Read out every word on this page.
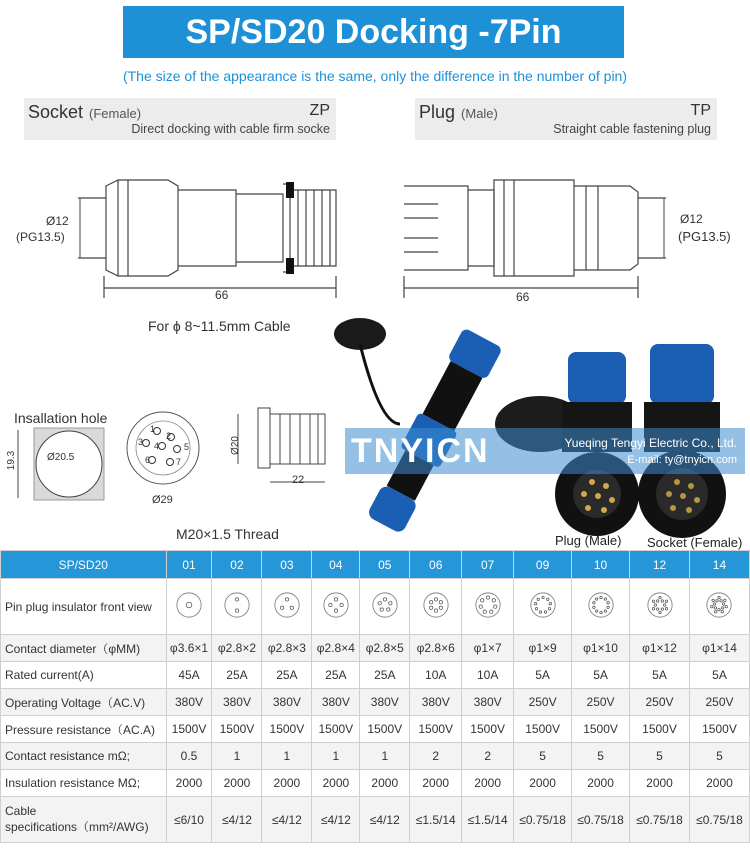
SP/SD20 Docking -7Pin
(The size of the appearance is the same, only the difference in the number of pin)
Socket (Female)	ZP
Direct docking with cable firm socke
Plug (Male)	TP
Straight cable fastening plug
Ø12
(PG13.5)
66
For ϕ 8~11.5mm Cable
Ø12
(PG13.5)
66
Insallation hole
Ø20.5
19.3
1
2
3 4	5
6	7
Ø29
Ø20
22
M20×1.5 Thread
TNYICN	Yueqing Tengyi Electric Co., Ltd.
E-mail: ty@tnyicn.com
Plug (Male) Socket (Female)
SP/SD20	01	02	03	04	05	06	07	09	10	12	14
Pin plug insulator front view											
Contact diameter（φMM)	φ3.6×1	φ2.8×2	φ2.8×3	φ2.8×4	φ2.8×5	φ2.8×6	φ1×7	φ1×9	φ1×10	φ1×12	φ1×14
Rated current(A)	45A	25A	25A	25A	25A	10A	10A	5A	5A	5A	5A
Operating Voltage（AC.V)	380V	380V	380V	380V	380V	380V	380V	250V	250V	250V	250V
Pressure resistance（AC.A)	1500V	1500V	1500V	1500V	1500V	1500V	1500V	1500V	1500V	1500V	1500V
Contact resistance mΩ;	0.5	1	1	1	1	2	2	5	5	5	5
Insulation resistance MΩ;	2000	2000	2000	2000	2000	2000	2000	2000	2000	2000	2000

Cable
specifications（mm²/AWG)	≤6/10	≤4/12	≤4/12	≤4/12	≤4/12	≤1.5/14	≤1.5/14	≤0.75/18	≤0.75/18	≤0.75/18	≤0.75/18
